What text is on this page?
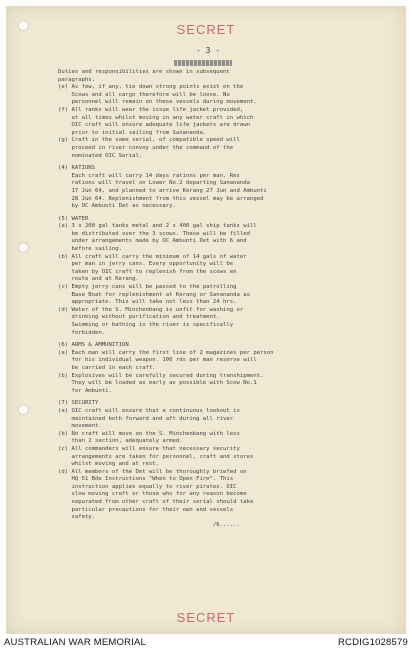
SECRET
- 3 -
Duties and responsibilities are shown in subsequent
paragraphs.
(e) As few, if any, tie down strong points exist on the
Scows and all cargo therefore will be loose. No
personnel will remain on these vessels during movement.
(f) All ranks will wear the issue life jacket provided,
at all times whilst moving in any water craft in which
OIC craft will ensure adequate life jackets are drawn
prior to initial sailing from Sanananda.
(g) Craft in the same serial, of compatible speed will
proceed in river convoy under the command of the
nominated OIC Serial.
(4) RATIONS
Each craft will carry 14 days rations per man. Res
rations will travel on Lower No.2 departing Sanananda
17 Jun 64, and planned to arrive Kerang 27 Jun and Ambunti
28 Jun 64. Replenishment from this vessel may be arranged
by OC Ambunti Det as necessary.
(5) WATER
(a) 3 x 200 gal tanks metal and 2 x 400 gal ship tanks will
be distributed over the 3 scows. These will be filled
under arrangements made by OC Ambunti Det with 6 and
before sailing.
(b) All craft will carry the minimum of 14 gals of water
per man in jerry cans. Every opportunity will be
taken by OIC craft to replenish from the scows en
route and at Kerang.
(c) Empty jerry cans will be passed to the patrolling
Base Boat for replenishment at Kerang or Sanananda as
appropriate. This will take not less than 24 hrs.
(d) Water of the S. Minchenbang is unfit for washing or
drinking without purification and treatment.
Swimming or bathing in the river is specifically
forbidden.
(6) ARMS & AMMUNITION
(a) Each man will carry the first line of 2 magazines per person
for his individual weapon. 100 rds per man reserve will
be carried in each craft.
(b) Explosives will be carefully secured during transhipment.
They will be loaded as early as possible with Scow No.1
for Ambunti.
(7) SECURITY
(a) OIC craft will ensure that a continuous lookout is
maintained both forward and aft during all river
movement.
(b) No craft will move on the S. Minchenbang with less
than 2 section, adequately armed.
(c) All commanders will ensure that necessary security
arrangements are taken for personnel, craft and stores
whilst moving and at rest.
(d) All members of the Det will be thoroughly briefed on
HQ 51 Bde Instructions "When to Open Fire". This
instruction applies equally to river pirates. OIC
slow moving craft or those who for any reason become
separated from other craft of their serial should take
particular precautions for their own and vessels
safety.
/6......
SECRET
AUSTRALIAN WAR MEMORIAL	RCDIG1028579
